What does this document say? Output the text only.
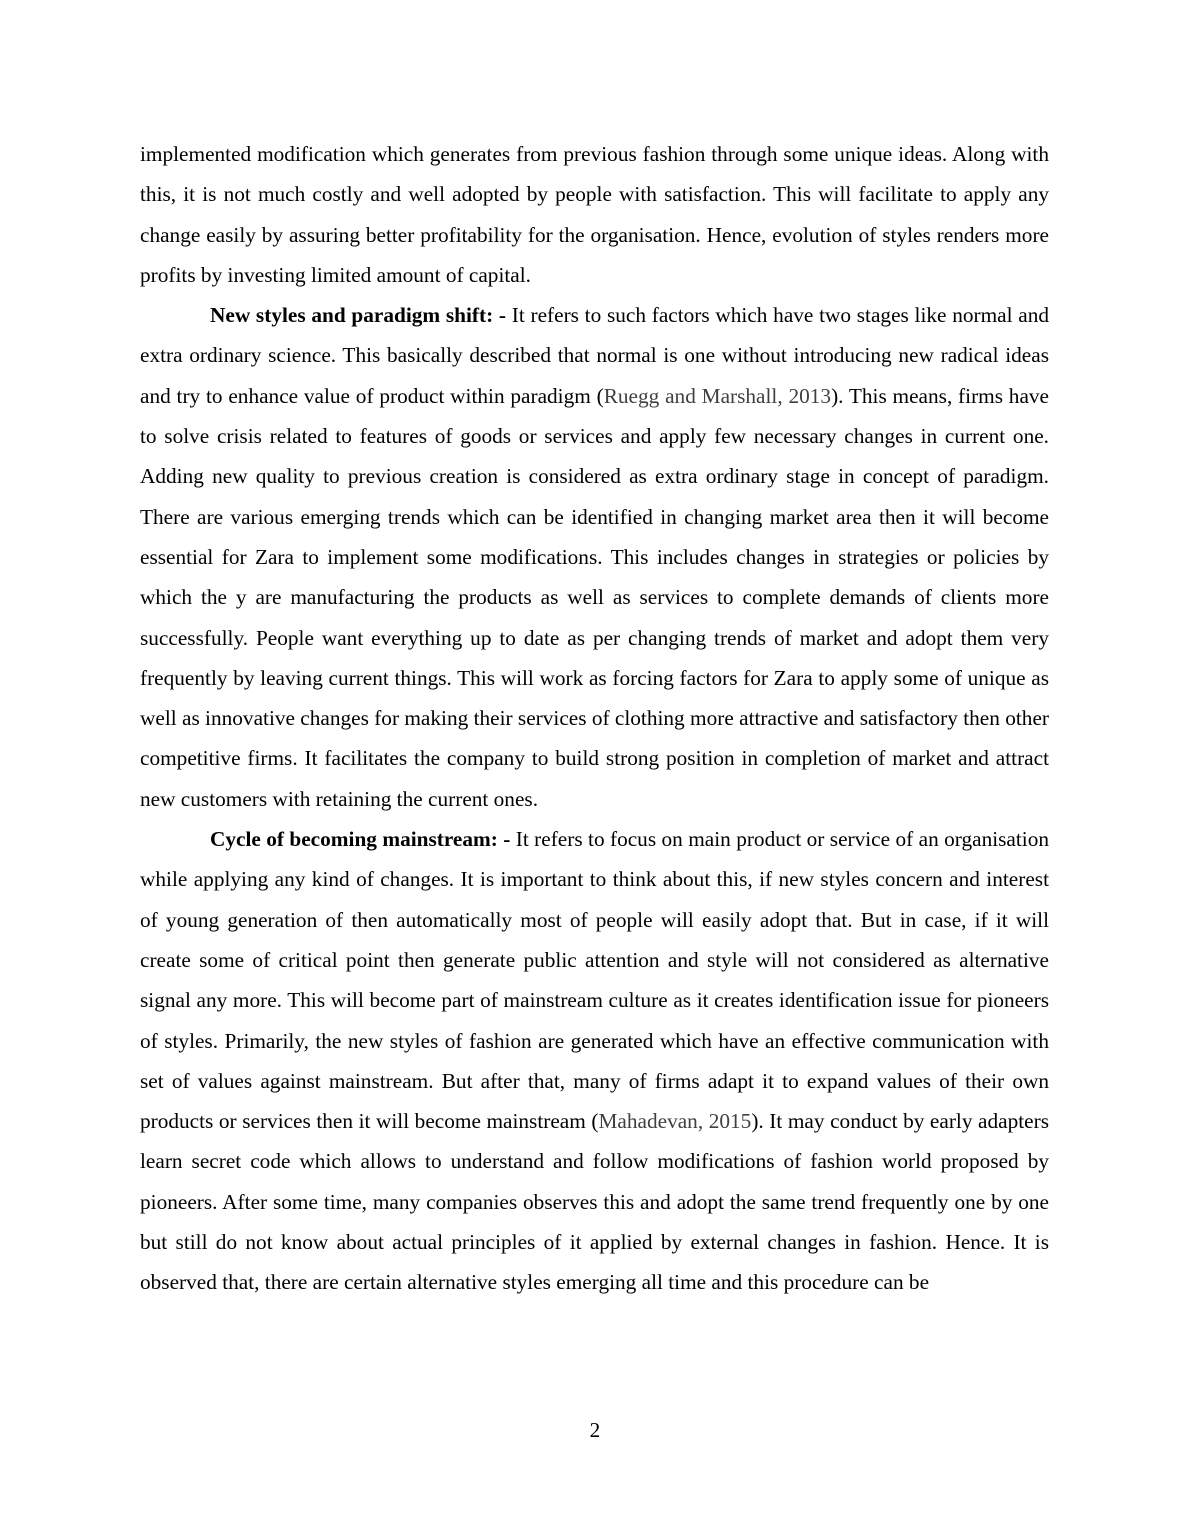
implemented modification which generates from previous fashion through some unique ideas. Along with this, it is not much costly and well adopted by people with satisfaction. This will facilitate to apply any change easily by assuring better profitability for the organisation. Hence, evolution of styles renders more profits by investing limited amount of capital.

New styles and paradigm shift: - It refers to such factors which have two stages like normal and extra ordinary science. This basically described that normal is one without introducing new radical ideas and try to enhance value of product within paradigm (Ruegg and Marshall, 2013). This means, firms have to solve crisis related to features of goods or services and apply few necessary changes in current one. Adding new quality to previous creation is considered as extra ordinary stage in concept of paradigm. There are various emerging trends which can be identified in changing market area then it will become essential for Zara to implement some modifications. This includes changes in strategies or policies by which the y are manufacturing the products as well as services to complete demands of clients more successfully. People want everything up to date as per changing trends of market and adopt them very frequently by leaving current things. This will work as forcing factors for Zara to apply some of unique as well as innovative changes for making their services of clothing more attractive and satisfactory then other competitive firms. It facilitates the company to build strong position in completion of market and attract new customers with retaining the current ones.

Cycle of becoming mainstream: - It refers to focus on main product or service of an organisation while applying any kind of changes. It is important to think about this, if new styles concern and interest of young generation of then automatically most of people will easily adopt that. But in case, if it will create some of critical point then generate public attention and style will not considered as alternative signal any more. This will become part of mainstream culture as it creates identification issue for pioneers of styles. Primarily, the new styles of fashion are generated which have an effective communication with set of values against mainstream. But after that, many of firms adapt it to expand values of their own products or services then it will become mainstream (Mahadevan, 2015). It may conduct by early adapters learn secret code which allows to understand and follow modifications of fashion world proposed by pioneers. After some time, many companies observes this and adopt the same trend frequently one by one but still do not know about actual principles of it applied by external changes in fashion. Hence. It is observed that, there are certain alternative styles emerging all time and this procedure can be

2
